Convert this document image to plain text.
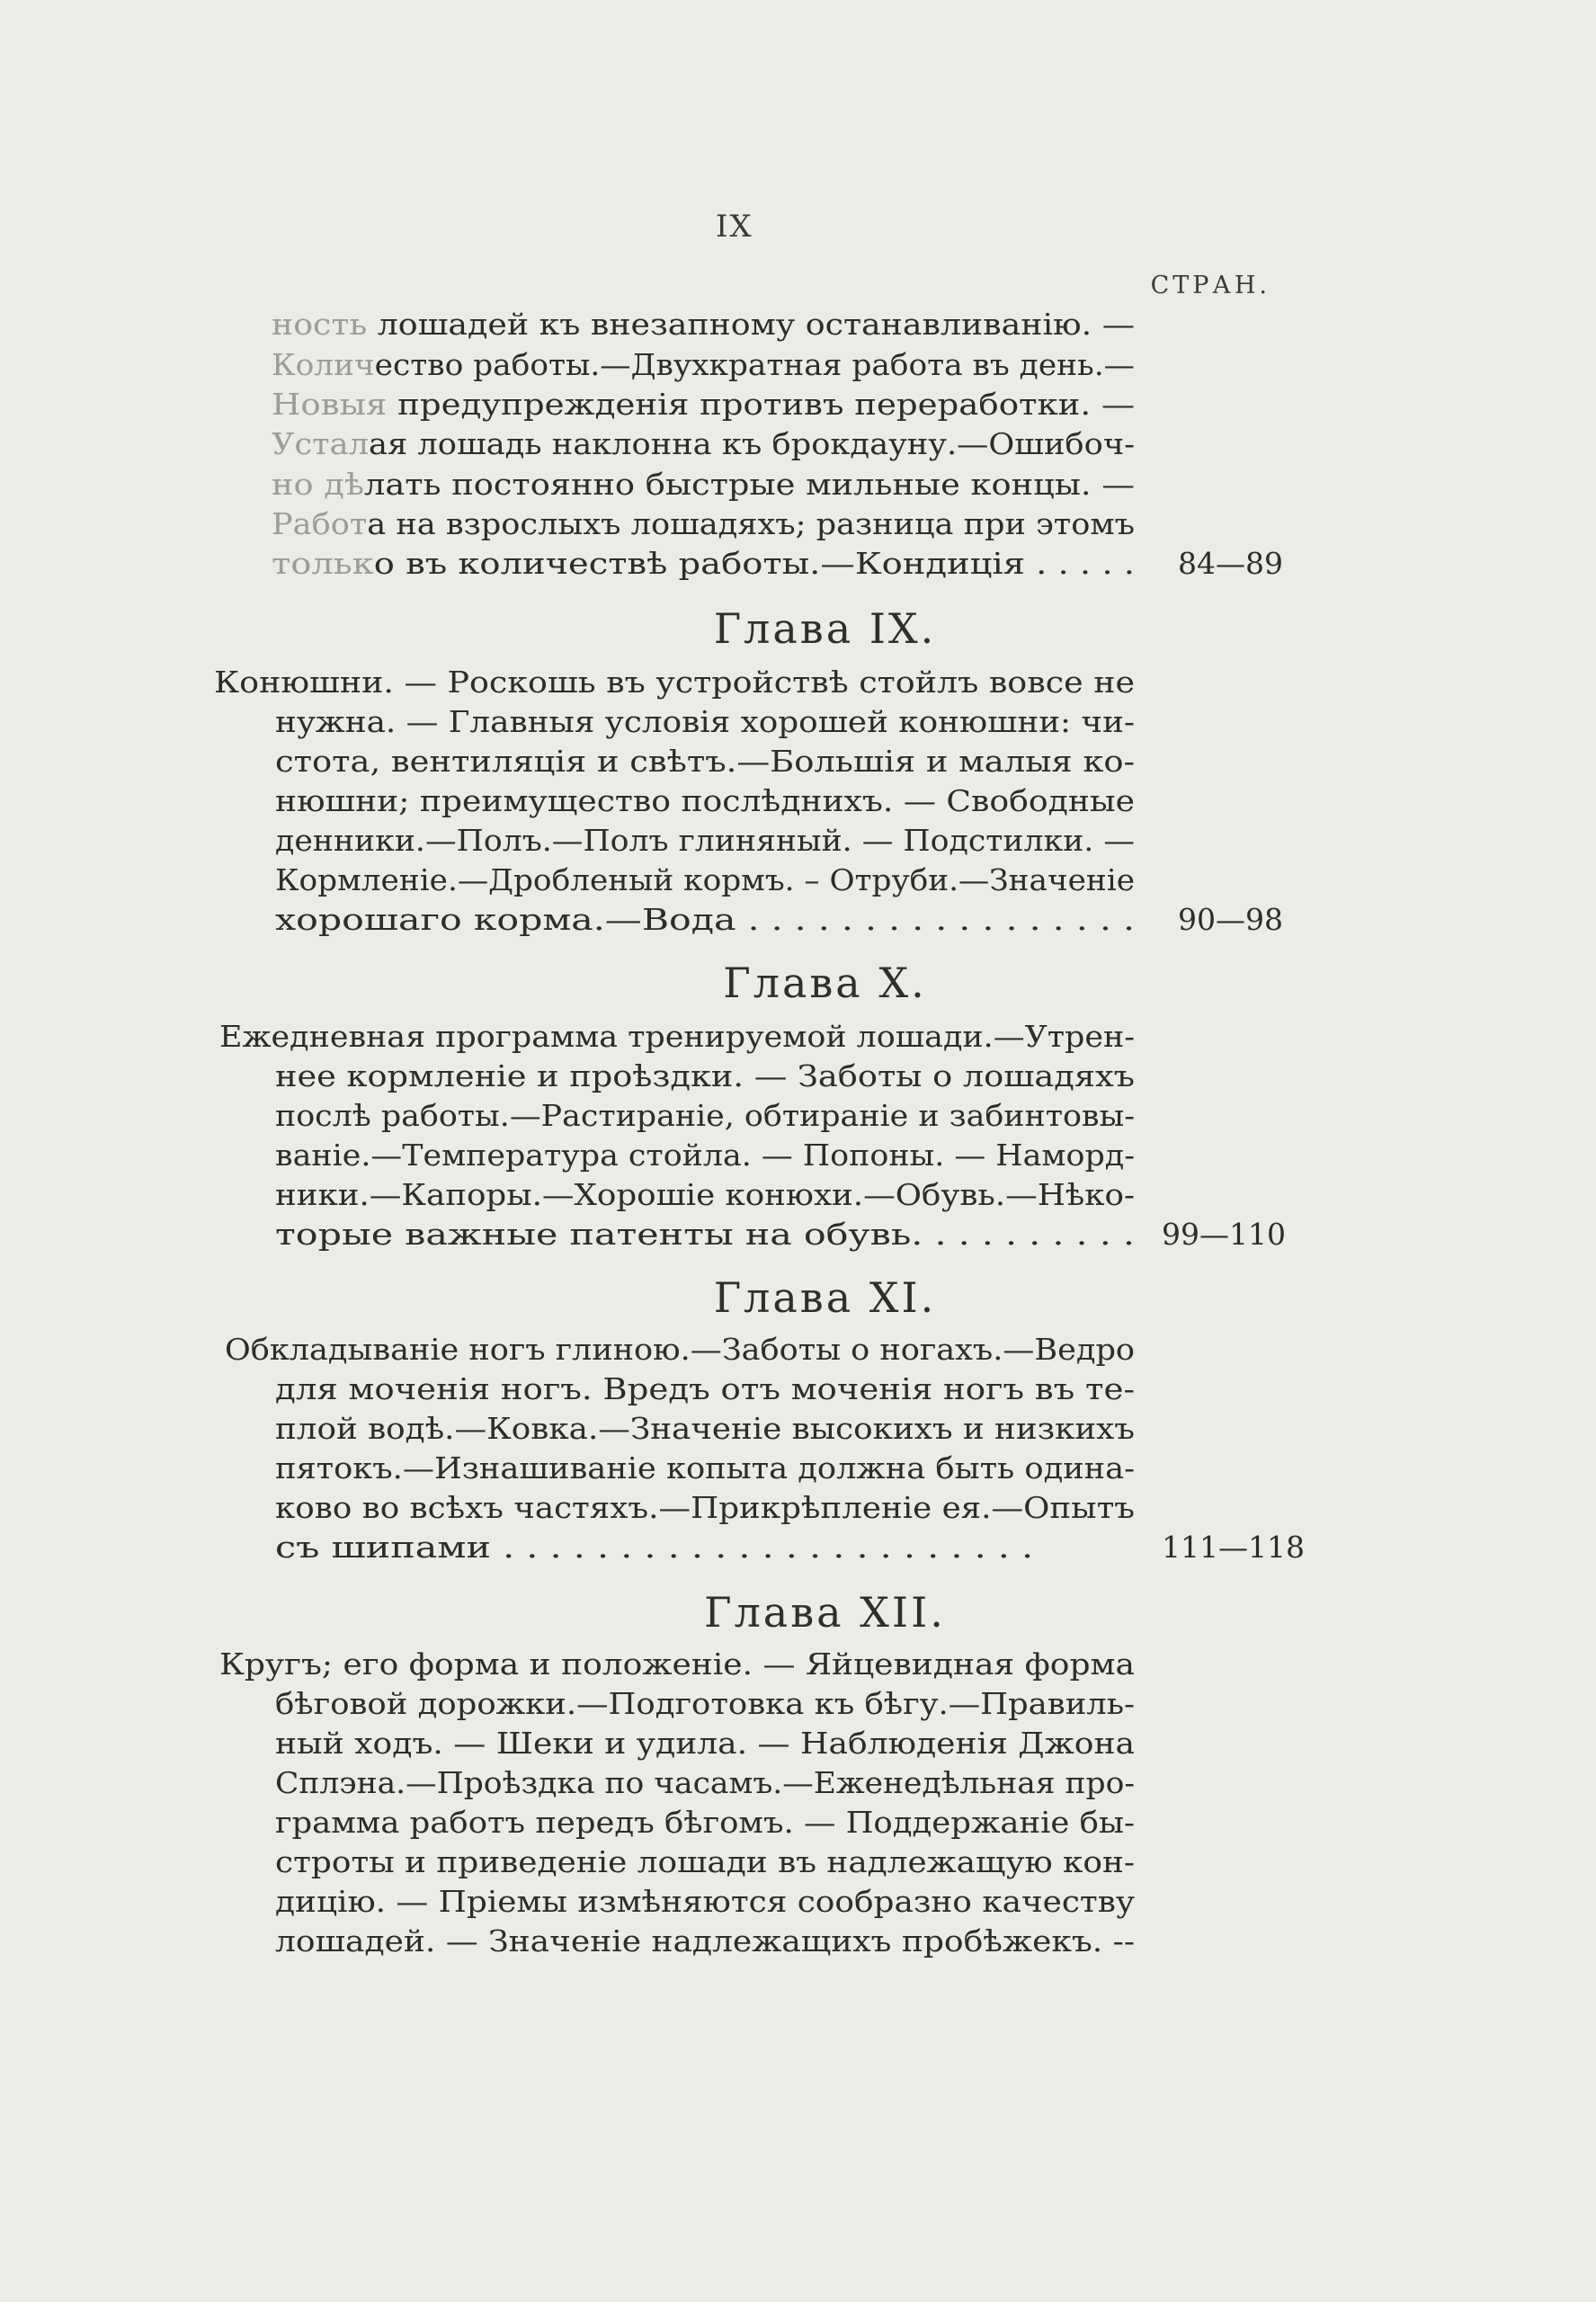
IX
СТРАН.
ность лошадей къ внезапному останавливанію. —
Количество работы.—Двухкратная работа въ день.—
Новыя предупрежденія противъ переработки. —
Усталая лошадь наклонна къ брокдауну.—Ошибоч-
но дѣлать постоянно быстрые мильные концы. —
Работа на взрослыхъ лошадяхъ; разница при этомъ
только въ количествѣ работы.—Кондиція . . . . . 84—89
Глава IX.
Конюшни. — Роскошь въ устройствѣ стойлъ вовсе не
нужна. — Главныя условія хорошей конюшни: чи-
стота, вентиляція и свѣтъ.—Большія и малыя ко-
нюшни; преимущество послѣднихъ. — Свободные
денники.—Полъ.—Полъ глиняный. — Подстилки. —
Кормленіе.—Дробленый кормъ. – Отруби.—Значеніе
хорошаго корма.—Вода . . . . . . . . . . . . . . . . . 90—98
Глава X.
Ежедневная программа тренируемой лошади.—Утрен-
нее кормленіе и проѣздки. — Заботы о лошадяхъ
послѣ работы.—Растираніе, обтираніе и забинтовы-
ваніе.—Температура стойла. — Попоны. — Наморд-
ники.—Капоры.—Хорошіе конюхи.—Обувь.—Нѣко-
торые важные патенты на обувь. . . . . . . . . . 99—110
Глава XI.
Обкладываніе ногъ глиною.—Заботы о ногахъ.—Ведро
для моченія ногъ. Вредъ отъ моченія ногъ въ те-
плой водѣ.—Ковка.—Значеніе высокихъ и низкихъ
пятокъ.—Изнашиваніе копыта должна быть одина-
ково во всѣхъ частяхъ.—Прикрѣпленіе ея.—Опытъ
съ шипами . . . . . . . . . . . . . . . . . . . . . . .	111—118
Глава XII.
Кругъ; его форма и положеніе. — Яйцевидная форма
бѣговой дорожки.—Подготовка къ бѣгу.—Правиль-
ный ходъ. — Шеки и удила. — Наблюденія Джона
Сплэна.—Проѣздка по часамъ.—Еженедѣльная про-
грамма работъ передъ бѣгомъ. — Поддержаніе бы-
строты и приведеніе лошади въ надлежащую кон-
дицію. — Пріемы измѣняются сообразно качеству
лошадей. — Значеніе надлежащихъ пробѣжекъ. --
